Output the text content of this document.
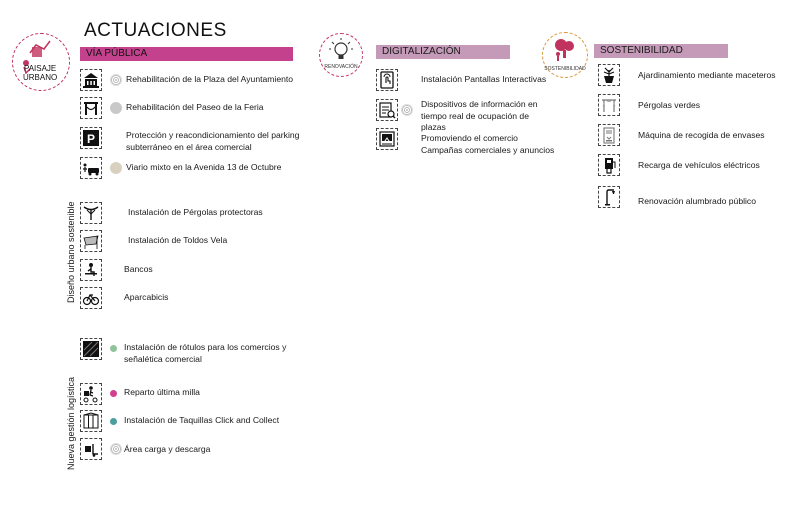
ACTUACIONES
PAISAJE
URBANO
VÍA PÚBLICA	DIGITALIZACIÓN	SOSTENIBILIDAD
RENOVACIÓN	SOSTENIBILIDAD
Rehabilitación de la Plaza del Ayuntamiento
Rehabilitación del Paseo de la Feria
P	Protección y reacondicionamiento del parking subterráneo en el área comercial
Viario mixto en la Avenida 13 de Octubre
Diseño urbano sostenible	Instalación de Pérgolas protectoras
Instalación de Toldos Vela
Bancos
Aparcabicis
Instalación de rótulos para los comercios y señalética comercial
Nueva gestión logística	Reparto última milla
Instalación de Taquillas Click and Collect
Área carga y descarga
Instalación Pantallas Interactivas
Dispositivos de información en tiempo real de ocupación de plazas
Promoviendo el comercio Campañas comerciales y anuncios
Ajardinamiento mediante maceteros
Pérgolas verdes
Máquina de recogida de envases
Recarga de vehículos eléctricos
Renovación alumbrado público
